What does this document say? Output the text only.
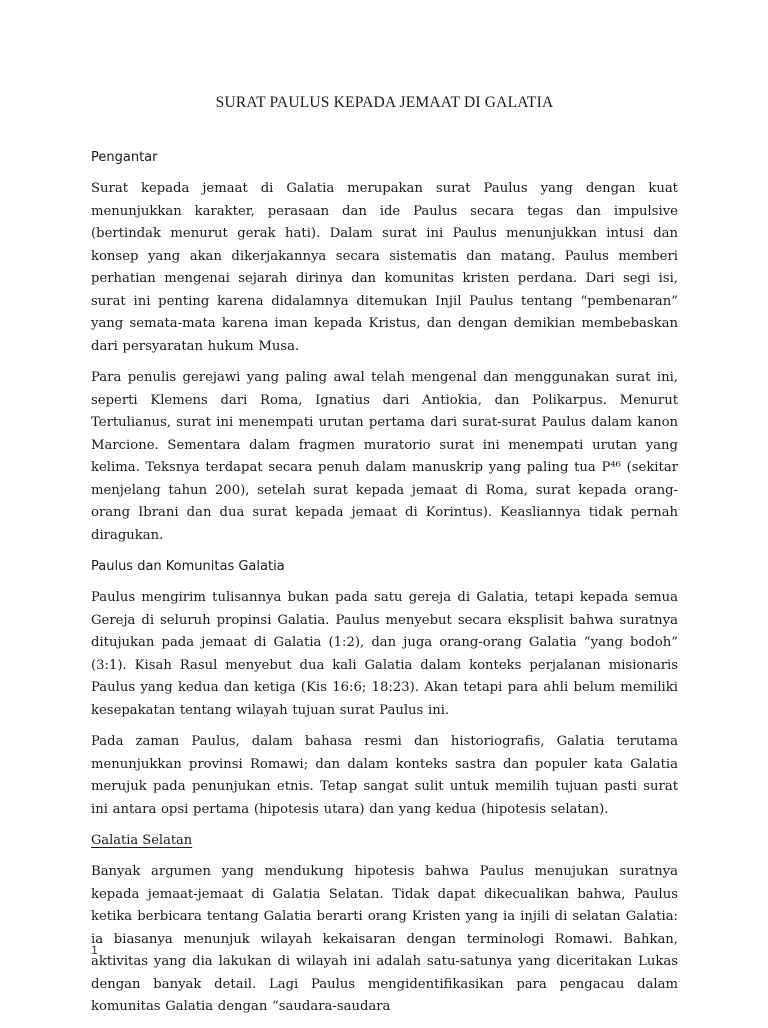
SURAT PAULUS KEPADA JEMAAT DI GALATIA
Pengantar

Surat kepada jemaat di Galatia merupakan surat Paulus yang dengan kuat menunjukkan karakter, perasaan dan ide Paulus secara tegas dan impulsive (bertindak menurut gerak hati). Dalam surat ini Paulus menunjukkan intusi dan konsep yang akan dikerjakannya secara sistematis dan matang. Paulus memberi perhatian mengenai sejarah dirinya dan komunitas kristen perdana. Dari segi isi, surat ini penting karena didalamnya ditemukan Injil Paulus tentang “pembenaran” yang semata-mata karena iman kepada Kristus, dan dengan demikian membebaskan dari persyaratan hukum Musa.

Para penulis gerejawi yang paling awal telah mengenal dan menggunakan surat ini, seperti Klemens dari Roma, Ignatius dari Antiokia, dan Polikarpus. Menurut Tertulianus, surat ini menempati urutan pertama dari surat-surat Paulus dalam kanon Marcione. Sementara dalam fragmen muratorio surat ini menempati urutan yang kelima. Teksnya terdapat secara penuh dalam manuskrip yang paling tua P⁴⁶ (sekitar menjelang tahun 200), setelah surat kepada jemaat di Roma, surat kepada orang-orang Ibrani dan dua surat kepada jemaat di Korintus). Keasliannya tidak pernah diragukan.

Paulus dan Komunitas Galatia

Paulus mengirim tulisannya bukan pada satu gereja di Galatia, tetapi kepada semua Gereja di seluruh propinsi Galatia. Paulus menyebut secara eksplisit bahwa suratnya ditujukan pada jemaat di Galatia (1:2), dan juga orang-orang Galatia “yang bodoh” (3:1). Kisah Rasul menyebut dua kali Galatia dalam konteks perjalanan misionaris Paulus yang kedua dan ketiga (Kis 16:6; 18:23). Akan tetapi para ahli belum memiliki kesepakatan tentang wilayah tujuan surat Paulus ini.

Pada zaman Paulus, dalam bahasa resmi dan historiografis, Galatia terutama menunjukkan provinsi Romawi; dan dalam konteks sastra dan populer kata Galatia merujuk pada penunjukan etnis. Tetap sangat sulit untuk memilih tujuan pasti surat ini antara opsi pertama (hipotesis utara) dan yang kedua (hipotesis selatan).

Galatia Selatan

Banyak argumen yang mendukung hipotesis bahwa Paulus menujukan suratnya kepada jemaat-jemaat di Galatia Selatan. Tidak dapat dikecualikan bahwa, Paulus ketika berbicara tentang Galatia berarti orang Kristen yang ia injili di selatan Galatia: ia biasanya menunjuk wilayah kekaisaran dengan terminologi Romawi. Bahkan, aktivitas yang dia lakukan di wilayah ini adalah satu-satunya yang diceritakan Lukas dengan banyak detail. Lagi Paulus mengidentifikasikan para pengacau dalam komunitas Galatia dengan “saudara-saudara

1
